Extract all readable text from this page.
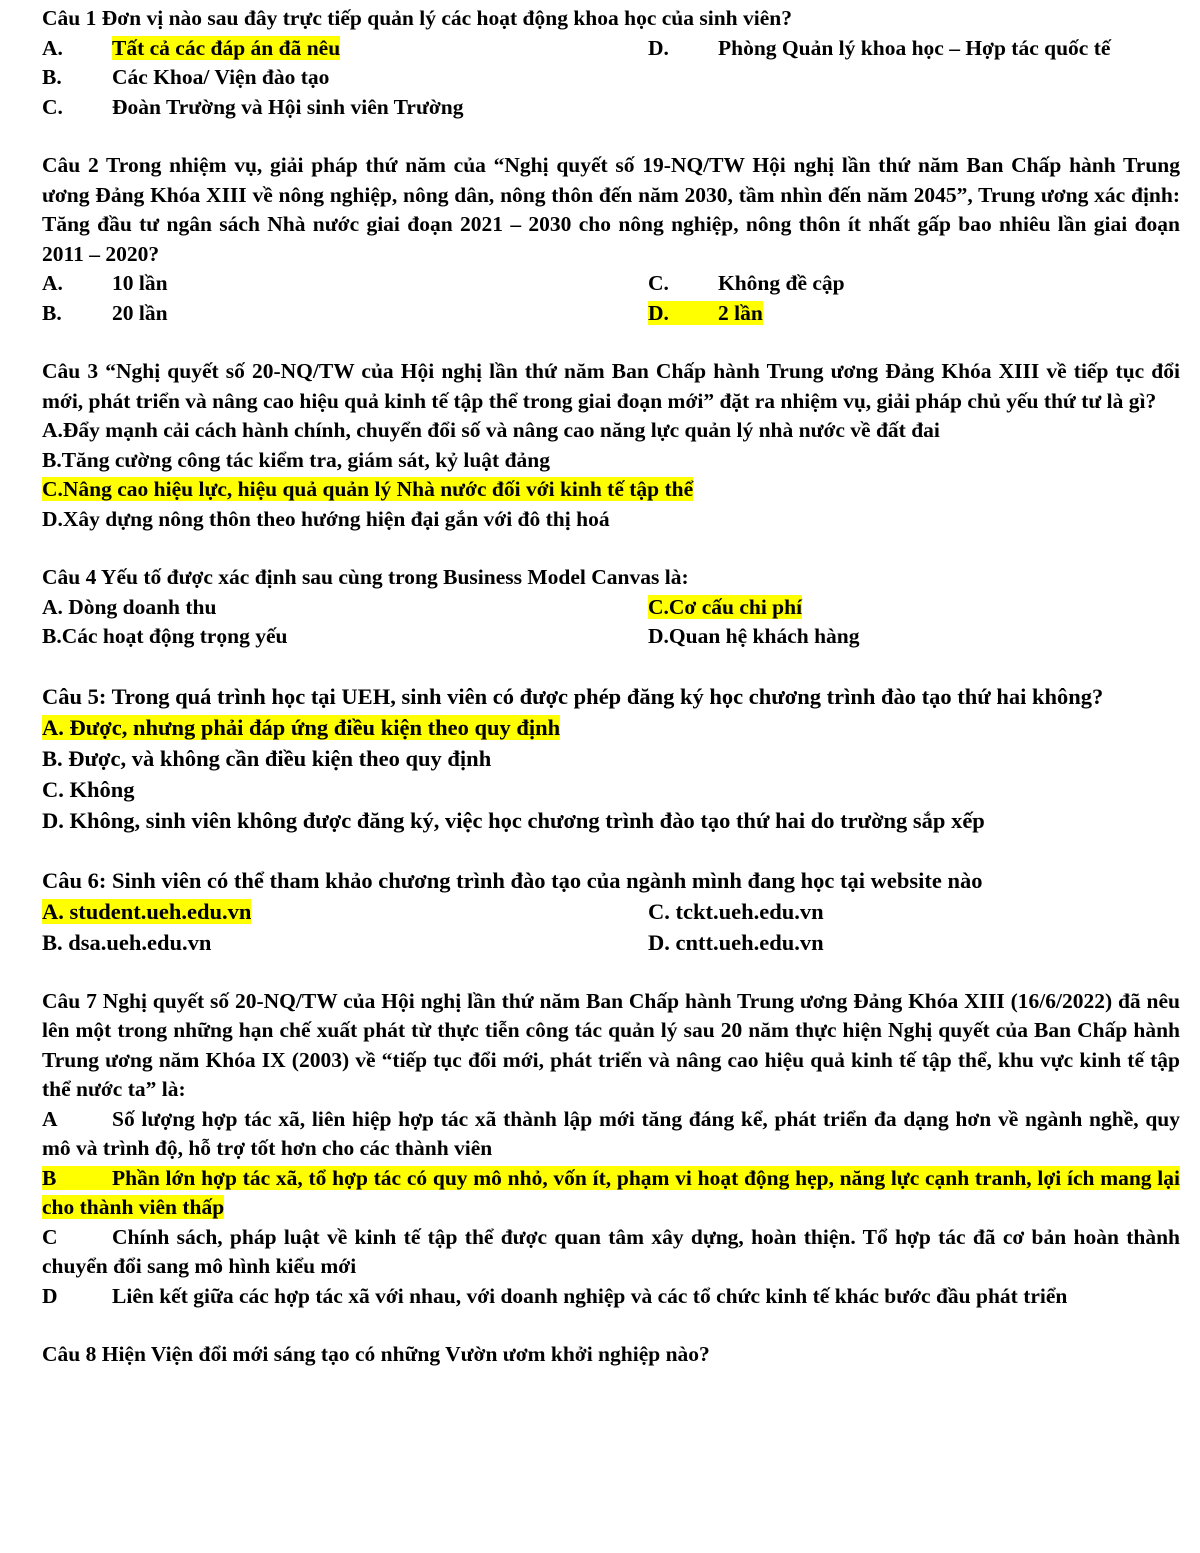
Câu 1 Đơn vị nào sau đây trực tiếp quản lý các hoạt động khoa học của sinh viên?
A. Tất cả các đáp án đã nêu
B. Các Khoa/ Viện đào tạo
C. Đoàn Trường và Hội sinh viên Trường
D. Phòng Quản lý khoa học – Hợp tác quốc tế
Câu 2 Trong nhiệm vụ, giải pháp thứ năm của “Nghị quyết số 19-NQ/TW Hội nghị lần thứ năm Ban Chấp hành Trung ương Đảng Khóa XIII về nông nghiệp, nông dân, nông thôn đến năm 2030, tầm nhìn đến năm 2045”, Trung ương xác định: Tăng đầu tư ngân sách Nhà nước giai đoạn 2021 – 2030 cho nông nghiệp, nông thôn ít nhất gấp bao nhiêu lần giai đoạn 2011 – 2020?
A. 10 lần
B. 20 lần
C. Không đề cập
D. 2 lần
Câu 3 “Nghị quyết số 20-NQ/TW của Hội nghị lần thứ năm Ban Chấp hành Trung ương Đảng Khóa XIII về tiếp tục đổi mới, phát triển và nâng cao hiệu quả kinh tế tập thể trong giai đoạn mới” đặt ra nhiệm vụ, giải pháp chủ yếu thứ tư là gì?
A.Đẩy mạnh cải cách hành chính, chuyển đổi số và nâng cao năng lực quản lý nhà nước về đất đai
B.Tăng cường công tác kiểm tra, giám sát, kỷ luật đảng
C.Nâng cao hiệu lực, hiệu quả quản lý Nhà nước đối với kinh tế tập thể
D.Xây dựng nông thôn theo hướng hiện đại gắn với đô thị hoá
Câu 4 Yếu tố được xác định sau cùng trong Business Model Canvas là:
A. Dòng doanh thu
B.Các hoạt động trọng yếu
C.Cơ cấu chi phí
D.Quan hệ khách hàng
Câu 5: Trong quá trình học tại UEH, sinh viên có được phép đăng ký học chương trình đào tạo thứ hai không?
A. Được, nhưng phải đáp ứng điều kiện theo quy định
B. Được, và không cần điều kiện theo quy định
C. Không
D. Không, sinh viên không được đăng ký, việc học chương trình đào tạo thứ hai do trường sắp xếp
Câu 6: Sinh viên có thể tham khảo chương trình đào tạo của ngành mình đang học tại website nào
A. student.ueh.edu.vn
B. dsa.ueh.edu.vn
C. tckt.ueh.edu.vn
D. cntt.ueh.edu.vn
Câu 7 Nghị quyết số 20-NQ/TW của Hội nghị lần thứ năm Ban Chấp hành Trung ương Đảng Khóa XIII (16/6/2022) đã nêu lên một trong những hạn chế xuất phát từ thực tiễn công tác quản lý sau 20 năm thực hiện Nghị quyết của Ban Chấp hành Trung ương năm Khóa IX (2003) về “tiếp tục đổi mới, phát triển và nâng cao hiệu quả kinh tế tập thể, khu vực kinh tế tập thể nước ta” là:
A	Số lượng hợp tác xã, liên hiệp hợp tác xã thành lập mới tăng đáng kể, phát triển đa dạng hơn về ngành nghề, quy mô và trình độ, hỗ trợ tốt hơn cho các thành viên
B	Phần lớn hợp tác xã, tổ hợp tác có quy mô nhỏ, vốn ít, phạm vi hoạt động hẹp, năng lực cạnh tranh, lợi ích mang lại cho thành viên thấp
C	Chính sách, pháp luật về kinh tế tập thể được quan tâm xây dựng, hoàn thiện. Tổ hợp tác đã cơ bản hoàn thành chuyển đổi sang mô hình kiểu mới
D	Liên kết giữa các hợp tác xã với nhau, với doanh nghiệp và các tổ chức kinh tế khác bước đầu phát triển
Câu 8 Hiện Viện đổi mới sáng tạo có những Vườn ươm khởi nghiệp nào?
